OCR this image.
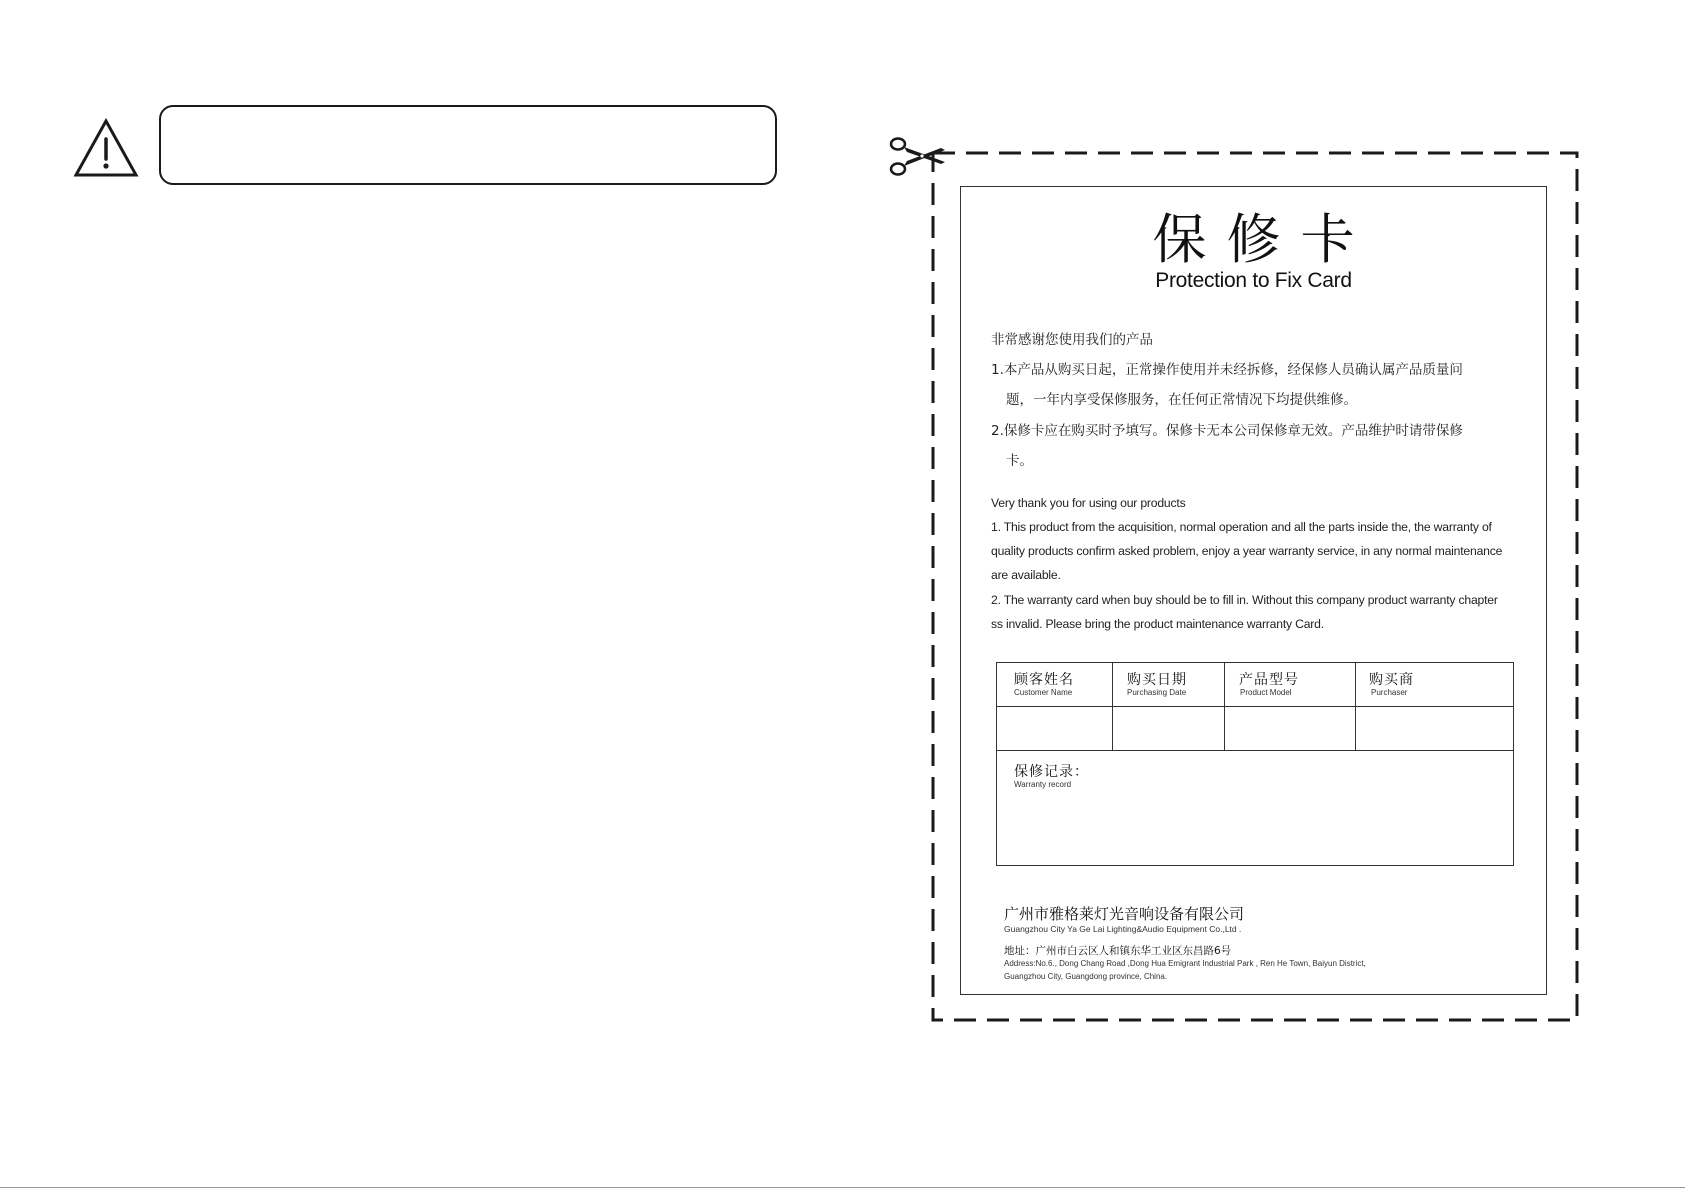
保修卡
Protection to Fix Card
非常感谢您使用我们的产品
1.本产品从购买日起，正常操作使用并未经拆修，经保修人员确认属产品质量问
题，一年内享受保修服务，在任何正常情况下均提供维修。
2.保修卡应在购买时予填写。保修卡无本公司保修章无效。产品维护时请带保修
卡。
Very thank you for using our products
1. This product from the acquisition, normal operation and all the parts inside the, the warranty of
quality products confirm asked problem, enjoy a year warranty service, in any normal maintenance
are available.
2. The warranty card when buy should be to fill in. Without this company product warranty chapter
ss invalid. Please bring the product maintenance warranty Card.
顾客姓名
Customer Name
购买日期
Purchasing Date
产品型号
Product Model
购买商
Purchaser
保修记录：
Warranty record
广州市雅格莱灯光音响设备有限公司
Guangzhou City Ya Ge Lai Lighting&Audio Equipment Co.,Ltd .
地址：广州市白云区人和镇东华工业区东昌路6号
Address:No.6., Dong Chang Road ,Dong Hua Emigrant Industrial Park , Ren He Town, Baiyun District,
Guangzhou City, Guangdong province, China.
